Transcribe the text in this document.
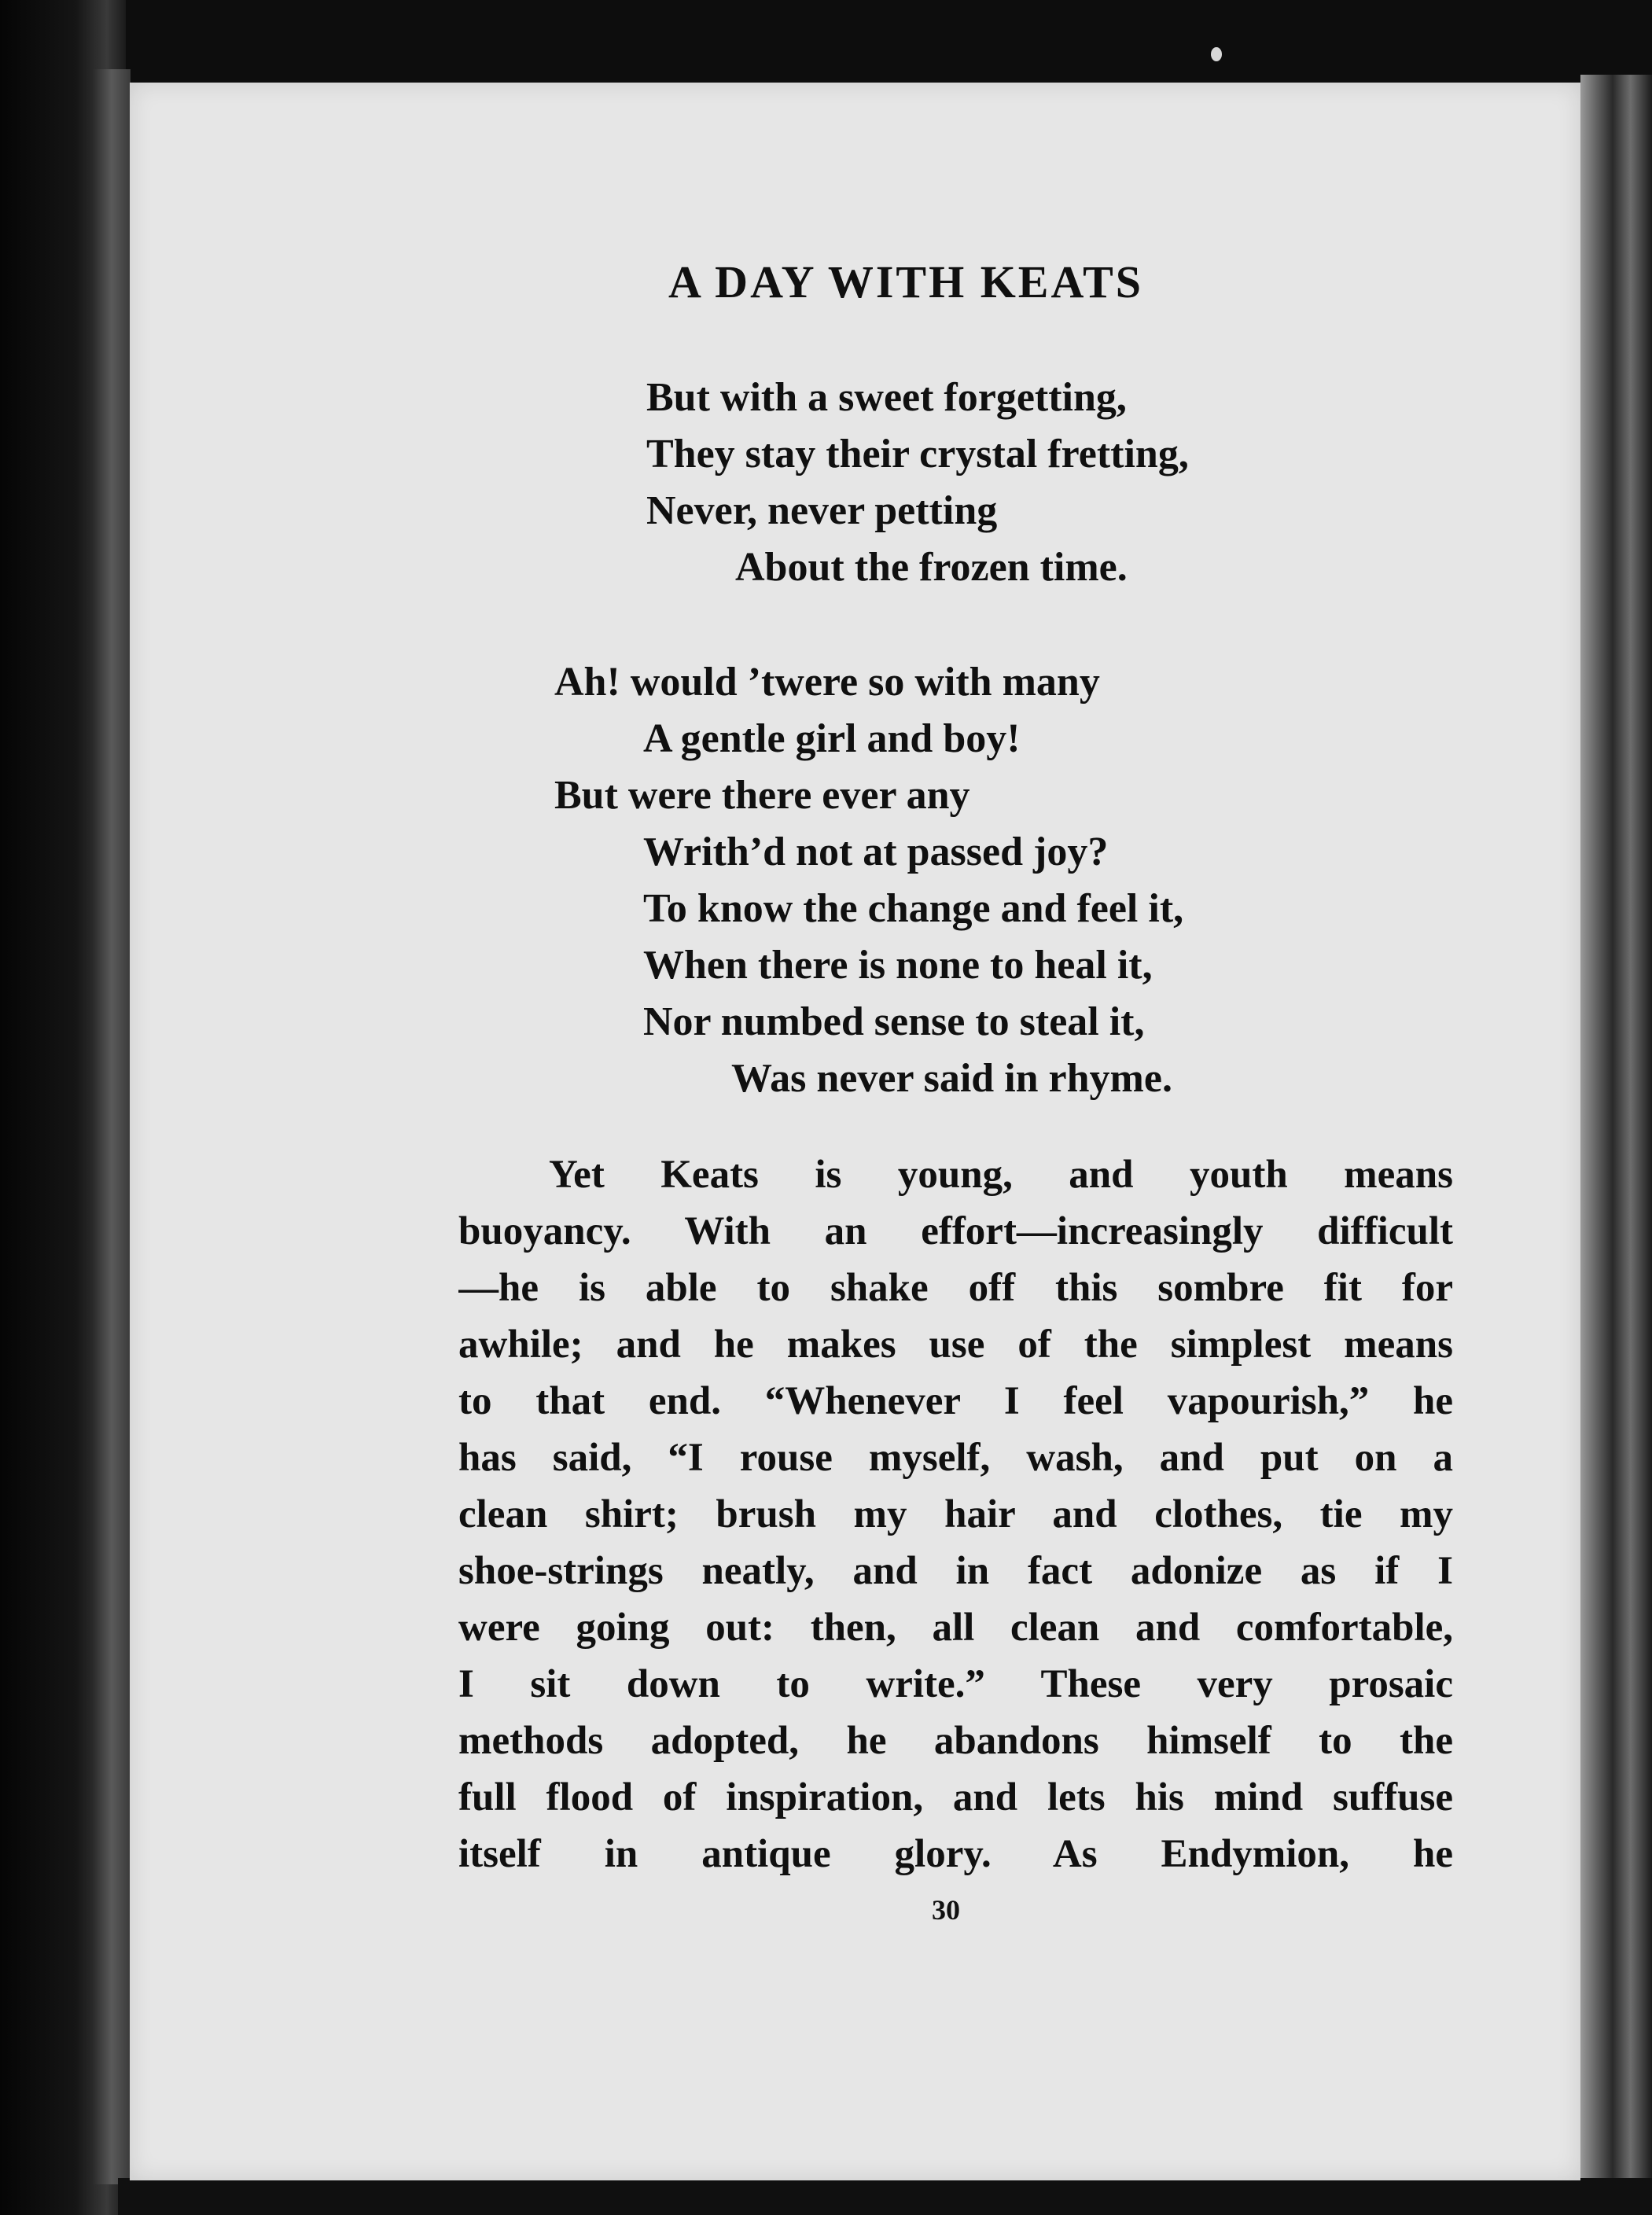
A DAY WITH KEATS

But with a sweet forgetting,

They stay their crystal fretting,

Never, never petting

About the frozen time.

Ah! would ’twere so with many

A gentle girl and boy!

But were there ever any

Writh’d not at passed joy?

To know the change and feel it,

When there is none to heal it,

Nor numbed sense to steal it,

Was never said in rhyme.

Yet Keats is young, and youth means
buoyancy. With an effort—increasingly difficult
—he is able to shake off this sombre fit for
awhile; and he makes use of the simplest means
to that end. “Whenever I feel vapourish,” he
has said, “I rouse myself, wash, and put on a
clean shirt; brush my hair and clothes, tie my
shoe-strings neatly, and in fact adonize as if I
were going out: then, all clean and comfortable,
I sit down to write.” These very prosaic
methods adopted, he abandons himself to the
full flood of inspiration, and lets his mind suffuse
itself in antique glory. As Endymion, he

30
